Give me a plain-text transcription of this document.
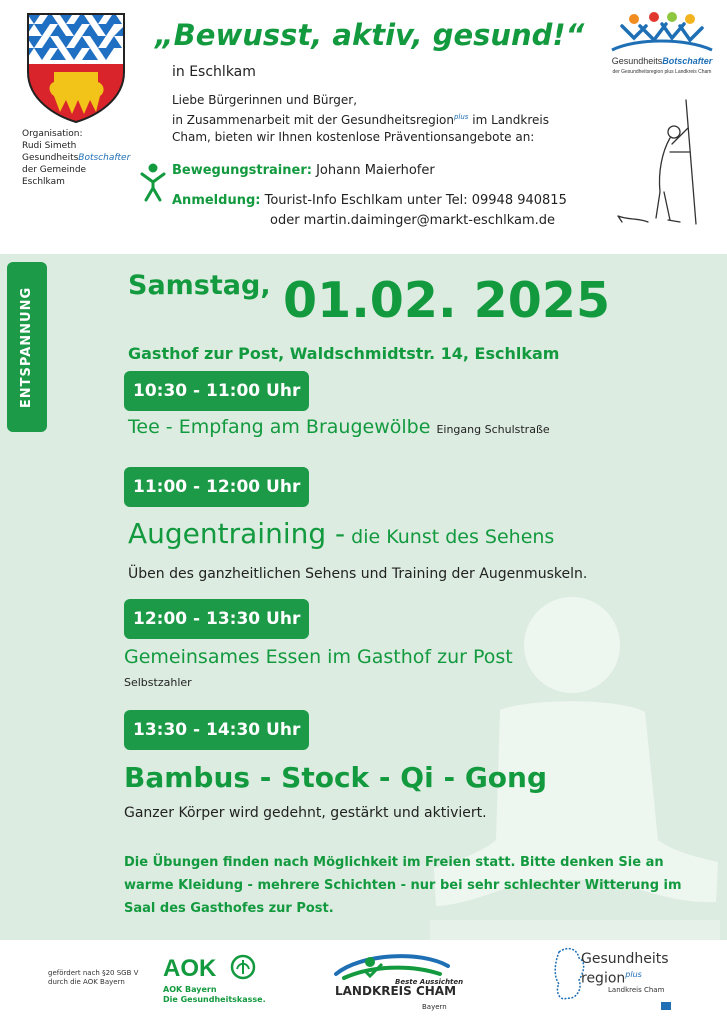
Organisation:
Rudi Simeth
GesundheitsBotschafter
der Gemeinde
Eschlkam
„Bewusst, aktiv, gesund!“
in Eschlkam
Liebe Bürgerinnen und Bürger,
in Zusammenarbeit mit der Gesundheitsregion$^{plus}$ im Landkreis
Cham, bieten wir Ihnen kostenlose Präventionsangebote an:
Bewegungstrainer: Johann Maierhofer
Anmeldung: Tourist-Info Eschlkam unter Tel: 09948 940815
oder martin.daiminger@markt-eschlkam.de
GesundheitsBotschafter
der Gesundheitsregion plus Landkreis Cham
ENTSPANNUNG
Samstag, 01.02. 2025
Gasthof zur Post, Waldschmidtstr. 14, Eschlkam
10:30 - 11:00 Uhr
Tee - Empfang am Braugewölbe Eingang Schulstraße
11:00 - 12:00 Uhr
Augentraining - die Kunst des Sehens
Üben des ganzheitlichen Sehens und Training der Augenmuskeln.
12:00 - 13:30 Uhr
Gemeinsames Essen im Gasthof zur Post
Selbstzahler
13:30 - 14:30 Uhr
Bambus - Stock - Qi - Gong
Ganzer Körper wird gedehnt, gestärkt und aktiviert.
Die Übungen finden nach Möglichkeit im Freien statt. Bitte denken Sie an warme Kleidung - mehrere Schichten - nur bei sehr schlechter Witterung im Saal des Gasthofes zur Post.
gefördert nach §20 SGB V
durch die AOK Bayern	AOK
AOK Bayern
Die Gesundheitskasse.
Beste Aussichten
LANDKREIS CHAM
Bayern
Gesundheits
region$^{plus}$
Landkreis Cham
